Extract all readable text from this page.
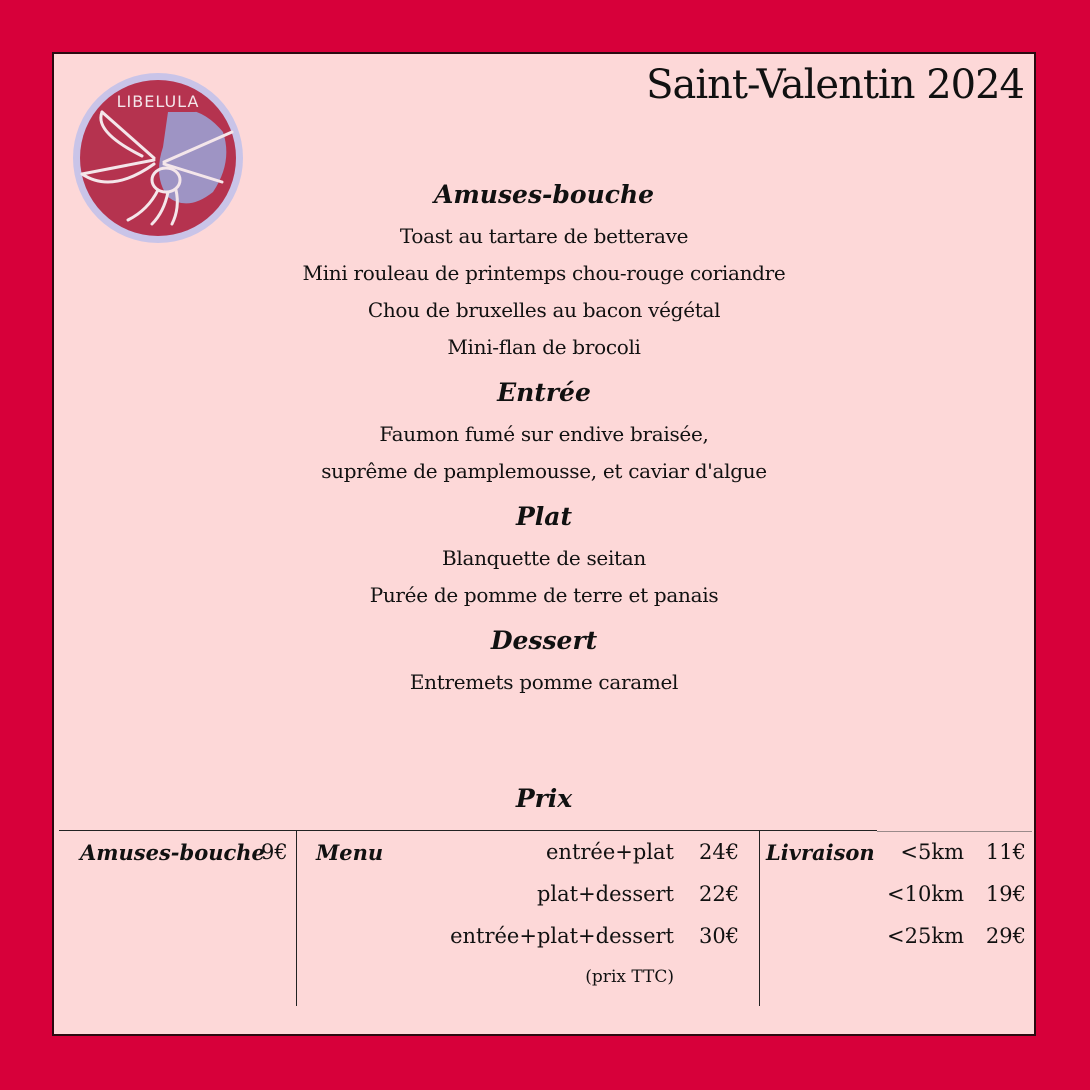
LIBELULA	Saint-Valentin 2024
Amuses-bouche
Toast au tartare de betterave
Mini rouleau de printemps chou-rouge coriandre
Chou de bruxelles au bacon végétal
Mini-flan de brocoli
Entrée
Faumon fumé sur endive braisée,
suprême de pamplemousse, et caviar d'algue
Plat
Blanquette de seitan
Purée de pomme de terre et panais
Dessert
Entremets pomme caramel
Prix
Amuses-bouche
9€ Menu	entrée+plat 24€
plat+dessert 22€
entrée+plat+dessert 30€
(prix TTC)
Livraison <5km 11€
<10km 19€
<25km 29€
